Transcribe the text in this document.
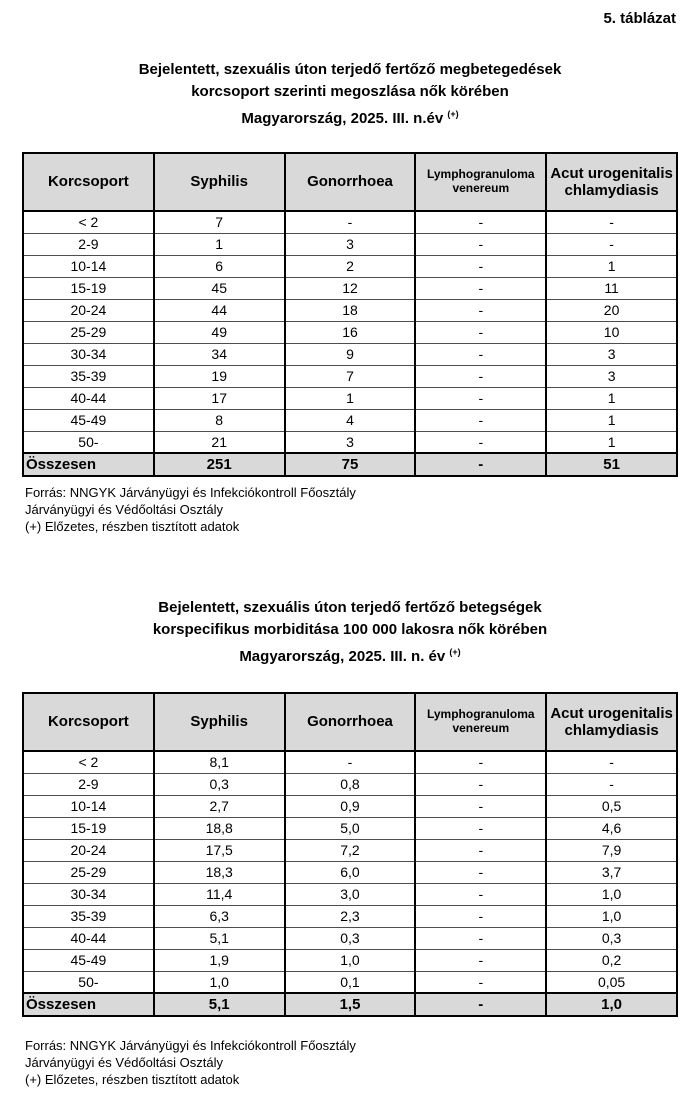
5. táblázat
Bejelentett, szexuális úton terjedő fertőző megbetegedések
korcsoport szerinti megoszlása nők körében
Magyarország, 2025. III. n.év (+)
Korcsoport	Syphilis	Gonorrhoea	Lymphogranuloma venereum	Acut urogenitalis chlamydiasis
< 2	7	-	-	-
2-9	1	3	-	-
10-14	6	2	-	1
15-19	45	12	-	11
20-24	44	18	-	20
25-29	49	16	-	10
30-34	34	9	-	3
35-39	19	7	-	3
40-44	17	1	-	1
45-49	8	4	-	1
50-	21	3	-	1
Összesen	251	75	-	51
Forrás: NNGYK Járványügyi és Infekciókontroll Főosztály
Járványügyi és Védőoltási Osztály
(+) Előzetes, részben tisztított adatok
Bejelentett, szexuális úton terjedő fertőző betegségek
korspecifikus morbiditása 100 000 lakosra nők körében
Magyarország, 2025. III. n. év (+)
Korcsoport	Syphilis	Gonorrhoea	Lymphogranuloma venereum	Acut urogenitalis chlamydiasis
< 2	8,1	-	-	-
2-9	0,3	0,8	-	-
10-14	2,7	0,9	-	0,5
15-19	18,8	5,0	-	4,6
20-24	17,5	7,2	-	7,9
25-29	18,3	6,0	-	3,7
30-34	11,4	3,0	-	1,0
35-39	6,3	2,3	-	1,0
40-44	5,1	0,3	-	0,3
45-49	1,9	1,0	-	0,2
50-	1,0	0,1	-	0,05
Összesen	5,1	1,5	-	1,0
Forrás: NNGYK Járványügyi és Infekciókontroll Főosztály
Járványügyi és Védőoltási Osztály
(+) Előzetes, részben tisztított adatok
